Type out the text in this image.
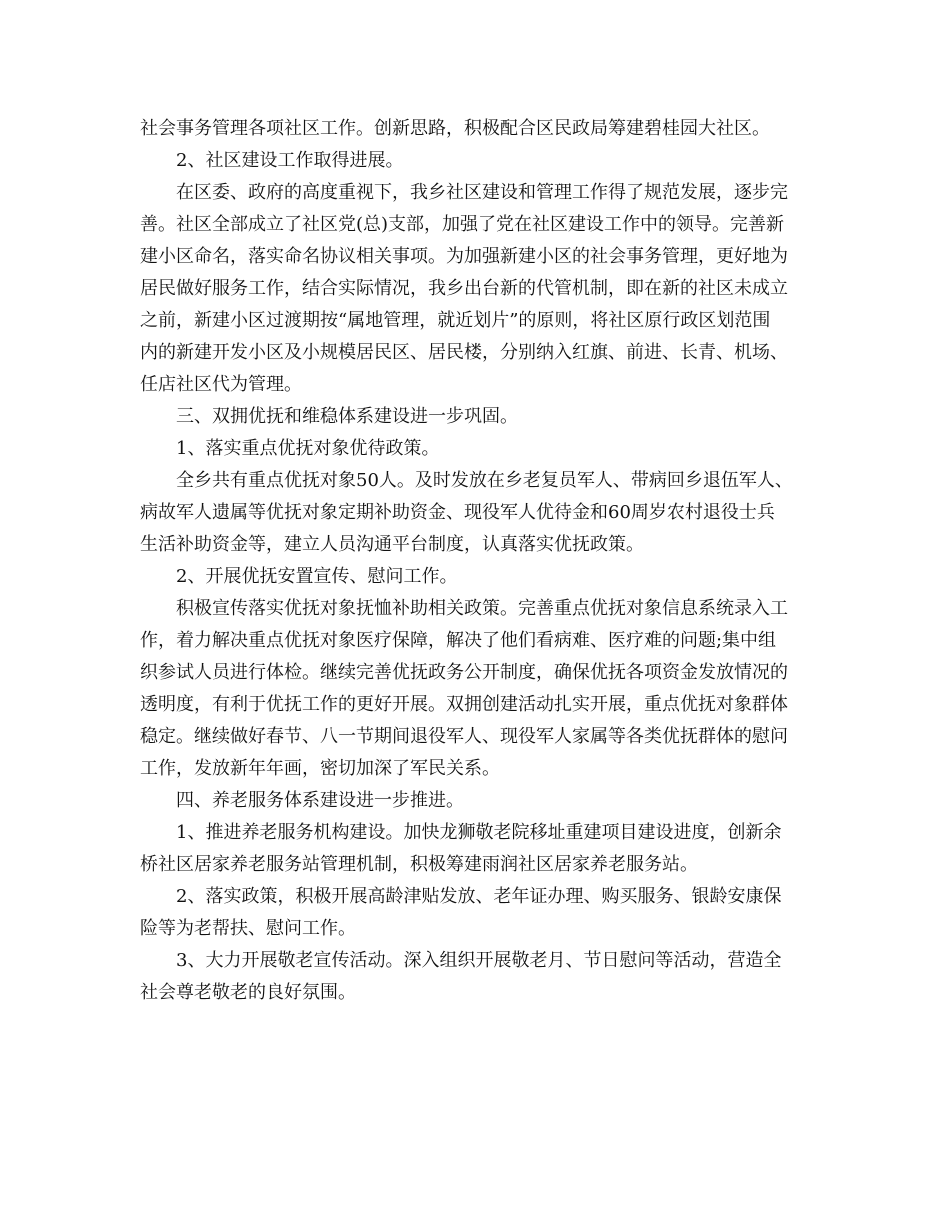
社会事务管理各项社区工作。创新思路，积极配合区民政局筹建碧桂园大社区。
2、社区建设工作取得进展。
在区委、政府的高度重视下，我乡社区建设和管理工作得了规范发展，逐步完
善。社区全部成立了社区党(总)支部，加强了党在社区建设工作中的领导。完善新
建小区命名，落实命名协议相关事项。为加强新建小区的社会事务管理，更好地为
居民做好服务工作，结合实际情况，我乡出台新的代管机制，即在新的社区未成立
之前，新建小区过渡期按“属地管理，就近划片”的原则，将社区原行政区划范围
内的新建开发小区及小规模居民区、居民楼，分别纳入红旗、前进、长青、机场、
任店社区代为管理。
三、双拥优抚和维稳体系建设进一步巩固。
1、落实重点优抚对象优待政策。
全乡共有重点优抚对象50人。及时发放在乡老复员军人、带病回乡退伍军人、
病故军人遗属等优抚对象定期补助资金、现役军人优待金和60周岁农村退役士兵
生活补助资金等，建立人员沟通平台制度，认真落实优抚政策。
2、开展优抚安置宣传、慰问工作。
积极宣传落实优抚对象抚恤补助相关政策。完善重点优抚对象信息系统录入工
作，着力解决重点优抚对象医疗保障，解决了他们看病难、医疗难的问题;集中组
织参试人员进行体检。继续完善优抚政务公开制度，确保优抚各项资金发放情况的
透明度，有利于优抚工作的更好开展。双拥创建活动扎实开展，重点优抚对象群体
稳定。继续做好春节、八一节期间退役军人、现役军人家属等各类优抚群体的慰问
工作，发放新年年画，密切加深了军民关系。
四、养老服务体系建设进一步推进。
1、推进养老服务机构建设。加快龙狮敬老院移址重建项目建设进度，创新余
桥社区居家养老服务站管理机制，积极筹建雨润社区居家养老服务站。
2、落实政策，积极开展高龄津贴发放、老年证办理、购买服务、银龄安康保
险等为老帮扶、慰问工作。
3、大力开展敬老宣传活动。深入组织开展敬老月、节日慰问等活动，营造全
社会尊老敬老的良好氛围。
